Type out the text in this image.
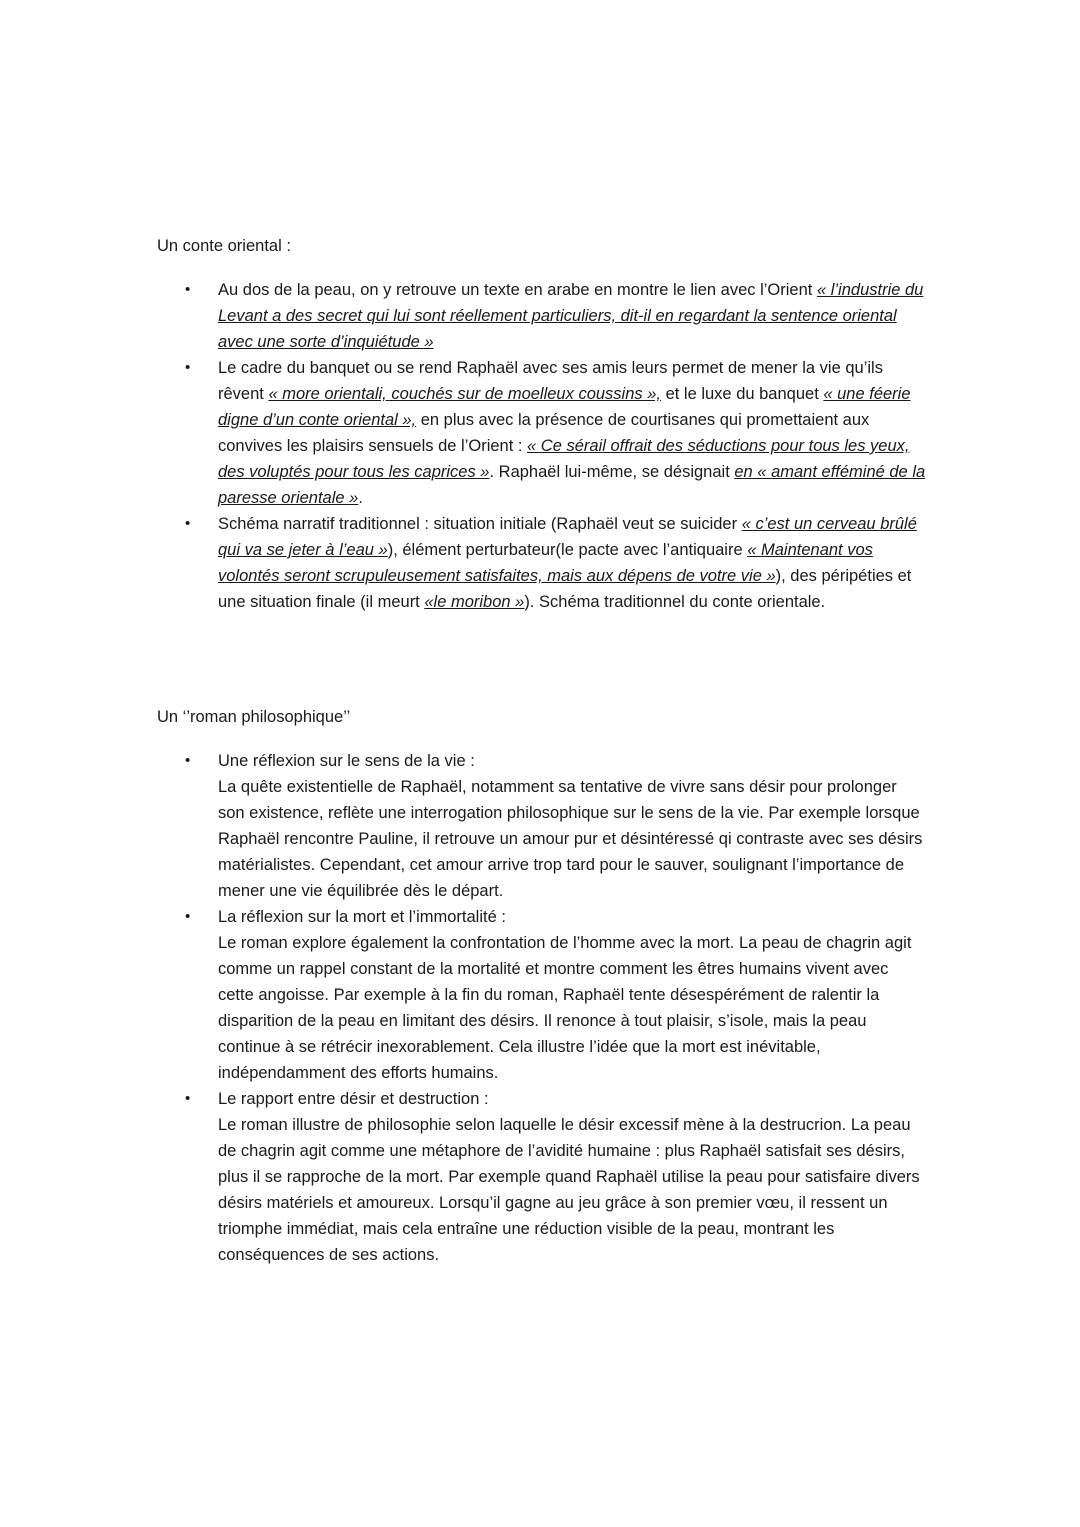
Un conte oriental :
• Au dos de la peau, on y retrouve un texte en arabe en montre le lien avec l’Orient « l’industrie du Levant a des secret qui lui sont réellement particuliers, dit-il en regardant la sentence oriental avec une sorte d’inquiétude »
• Le cadre du banquet ou se rend Raphaël avec ses amis leurs permet de mener la vie qu’ils rêvent « more orientali, couchés sur de moelleux coussins », et le luxe du banquet « une féerie digne d’un conte oriental », en plus avec la présence de courtisanes qui promettaient aux convives les plaisirs sensuels de l’Orient : « Ce sérail offrait des séductions pour tous les yeux, des voluptés pour tous les caprices ». Raphaël lui-même, se désignait en « amant efféminé de la paresse orientale ».
• Schéma narratif traditionnel : situation initiale (Raphaël veut se suicider « c’est un cerveau brûlé qui va se jeter à l’eau »), élément perturbateur(le pacte avec l’antiquaire « Maintenant vos volontés seront scrupuleusement satisfaites, mais aux dépens de votre vie »), des péripéties et une situation finale (il meurt «le moribon »). Schéma traditionnel du conte orientale.
Un ‘’roman philosophique’’
• Une réflexion sur le sens de la vie :
La quête existentielle de Raphaël, notamment sa tentative de vivre sans désir pour prolonger son existence, reflète une interrogation philosophique sur le sens de la vie. Par exemple lorsque Raphaël rencontre Pauline, il retrouve un amour pur et désintéressé qi contraste avec ses désirs matérialistes. Cependant, cet amour arrive trop tard pour le sauver, soulignant l’importance de mener une vie équilibrée dès le départ.
• La réflexion sur la mort et l’immortalité :
Le roman explore également la confrontation de l’homme avec la mort. La peau de chagrin agit comme un rappel constant de la mortalité et montre comment les êtres humains vivent avec cette angoisse. Par exemple à la fin du roman, Raphaël tente désespérément de ralentir la disparition de la peau en limitant des désirs. Il renonce à tout plaisir, s’isole, mais la peau continue à se rétrécir inexorablement. Cela illustre l’idée que la mort est inévitable, indépendamment des efforts humains.
• Le rapport entre désir et destruction :
Le roman illustre de philosophie selon laquelle le désir excessif mène à la destrucrion. La peau de chagrin agit comme une métaphore de l’avidité humaine : plus Raphaël satisfait ses désirs, plus il se rapproche de la mort. Par exemple quand Raphaël utilise la peau pour satisfaire divers désirs matériels et amoureux. Lorsqu’il gagne au jeu grâce à son premier vœu, il ressent un triomphe immédiat, mais cela entraîne une réduction visible de la peau, montrant les conséquences de ses actions.
